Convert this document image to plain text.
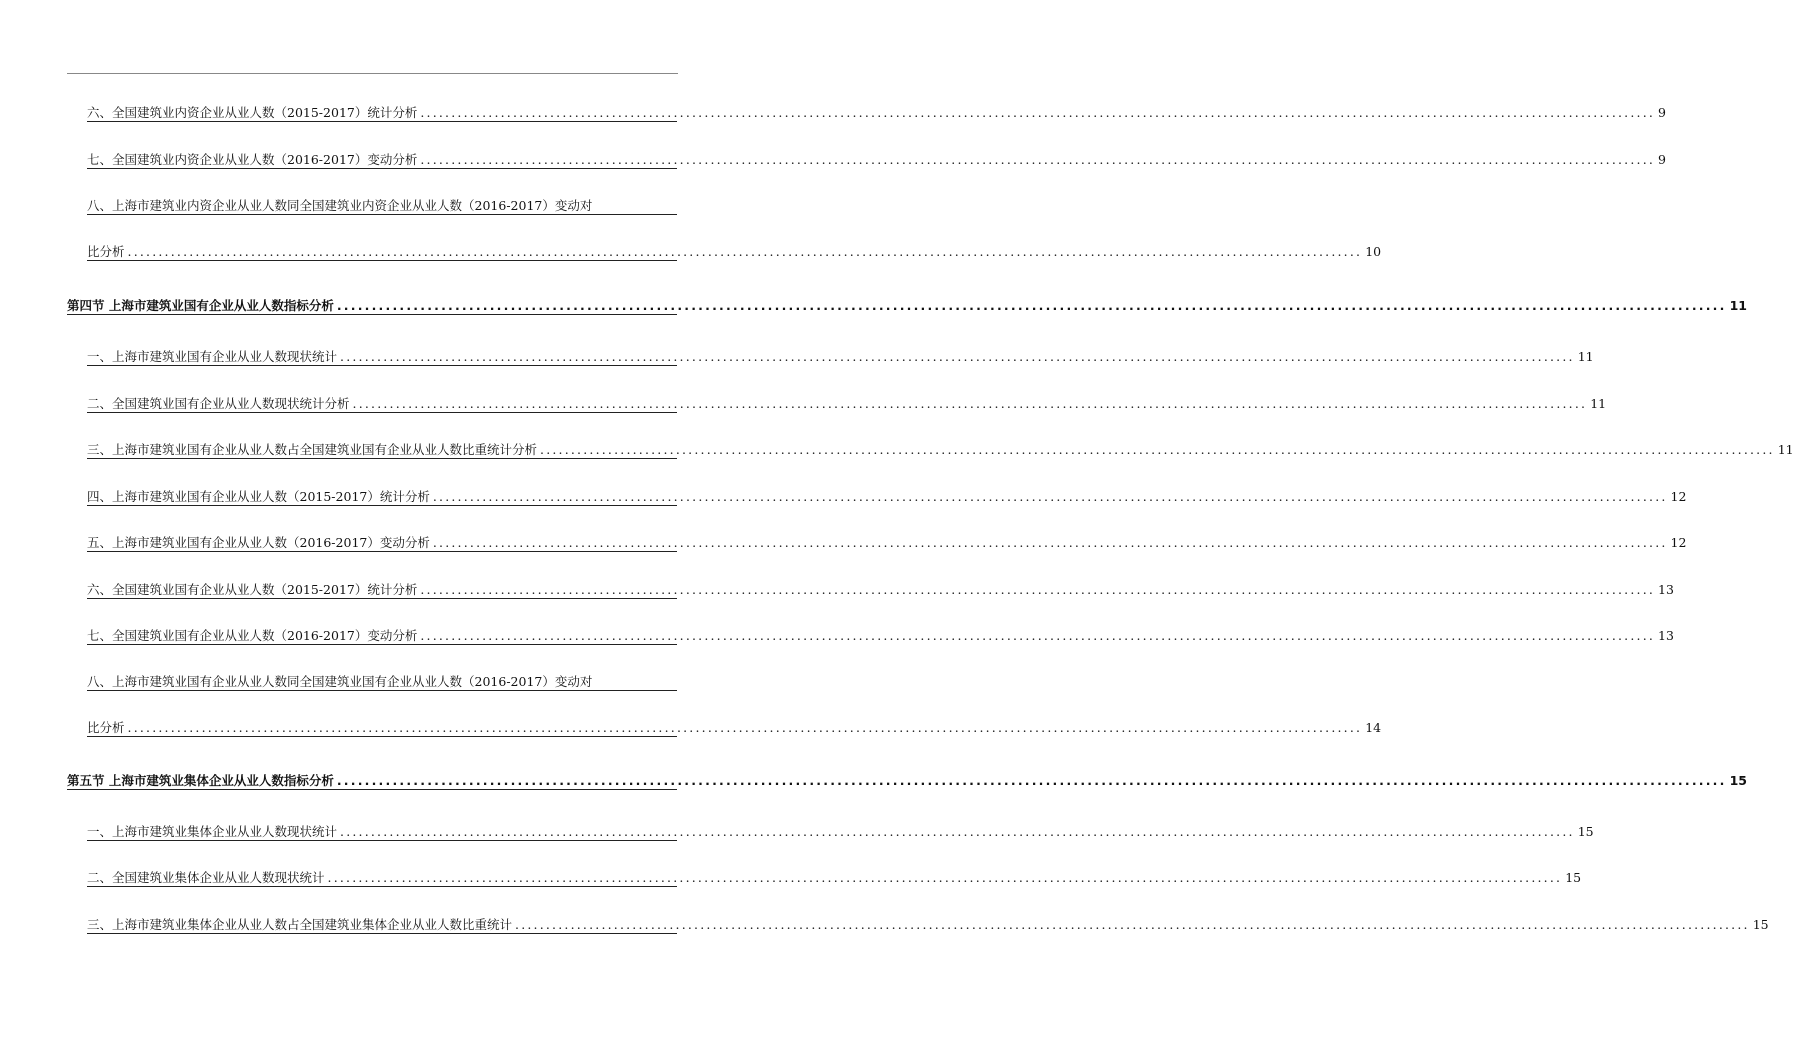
六、全国建筑业内资企业从业人数（2015-2017）统计分析 ........................................................................................................................................................................................................ 9
七、全国建筑业内资企业从业人数（2016-2017）变动分析 ........................................................................................................................................................................................................ 9
八、上海市建筑业内资企业从业人数同全国建筑业内资企业从业人数（2016-2017）变动对
比分析 ........................................................................................................................................................................................................ 10
第四节 上海市建筑业国有企业从业人数指标分析 ........................................................................................................................................................................................................ 11
一、上海市建筑业国有企业从业人数现状统计 ........................................................................................................................................................................................................ 11
二、全国建筑业国有企业从业人数现状统计分析 ........................................................................................................................................................................................................ 11
三、上海市建筑业国有企业从业人数占全国建筑业国有企业从业人数比重统计分析 ........................................................................................................................................................................................................ 11
四、上海市建筑业国有企业从业人数（2015-2017）统计分析 ........................................................................................................................................................................................................ 12
五、上海市建筑业国有企业从业人数（2016-2017）变动分析 ........................................................................................................................................................................................................ 12
六、全国建筑业国有企业从业人数（2015-2017）统计分析 ........................................................................................................................................................................................................ 13
七、全国建筑业国有企业从业人数（2016-2017）变动分析 ........................................................................................................................................................................................................ 13
八、上海市建筑业国有企业从业人数同全国建筑业国有企业从业人数（2016-2017）变动对
比分析 ........................................................................................................................................................................................................ 14
第五节 上海市建筑业集体企业从业人数指标分析 ........................................................................................................................................................................................................ 15
一、上海市建筑业集体企业从业人数现状统计 ........................................................................................................................................................................................................ 15
二、全国建筑业集体企业从业人数现状统计 ........................................................................................................................................................................................................ 15
三、上海市建筑业集体企业从业人数占全国建筑业集体企业从业人数比重统计 ........................................................................................................................................................................................................ 15
